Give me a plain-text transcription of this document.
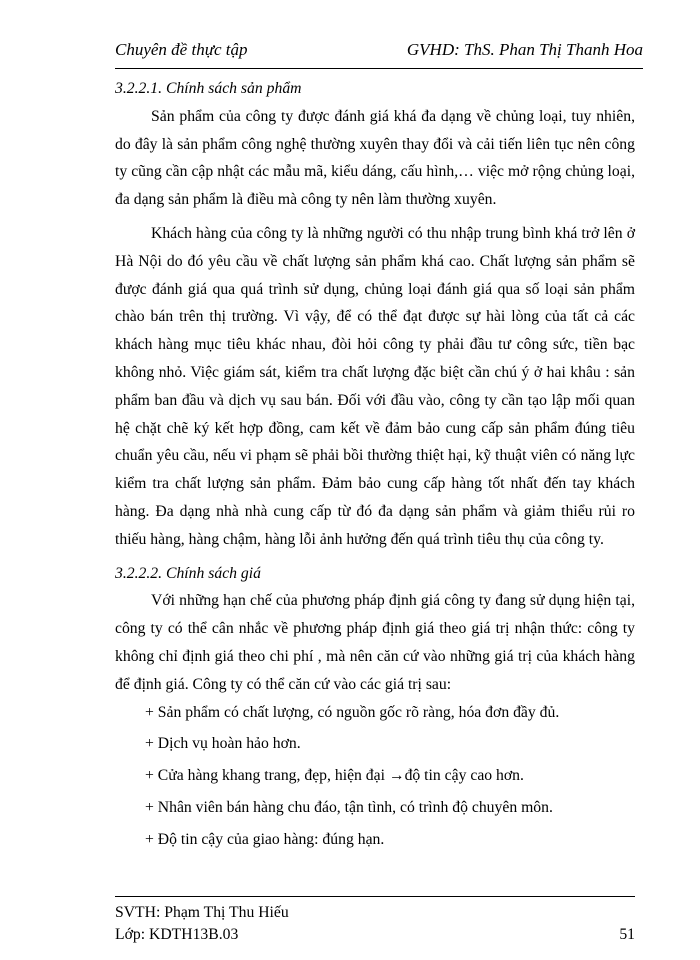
Chuyên đề thực tập	GVHD: ThS. Phan Thị Thanh Hoa

3.2.2.1. Chính sách sản phẩm

Sản phẩm của công ty được đánh giá khá đa dạng về chủng loại, tuy nhiên, do đây là sản phẩm công nghệ thường xuyên thay đổi và cải tiến liên tục nên công ty cũng cần cập nhật các mẫu mã, kiểu dáng, cấu hình,… việc mở rộng chủng loại, đa dạng sản phẩm là điều mà công ty nên làm thường xuyên.

Khách hàng của công ty là những người có thu nhập trung bình khá trở lên ở Hà Nội do đó yêu cầu về chất lượng sản phẩm khá cao. Chất lượng sản phẩm sẽ được đánh giá qua quá trình sử dụng, chủng loại đánh giá qua số loại sản phẩm chào bán trên thị trường. Vì vậy, để có thể đạt được sự hài lòng của tất cả các khách hàng mục tiêu khác nhau, đòi hỏi công ty phải đầu tư công sức, tiền bạc không nhỏ. Việc giám sát, kiểm tra chất lượng đặc biệt cần chú ý ở hai khâu : sản phẩm ban đầu và dịch vụ sau bán. Đối với đầu vào, công ty cần tạo lập mối quan hệ chặt chẽ ký kết hợp đồng, cam kết về đảm bảo cung cấp sản phẩm đúng tiêu chuẩn yêu cầu, nếu vi phạm sẽ phải bồi thường thiệt hại, kỹ thuật viên có năng lực kiểm tra chất lượng sản phẩm. Đảm bảo cung cấp hàng tốt nhất đến tay khách hàng. Đa dạng nhà nhà cung cấp từ đó đa dạng sản phẩm và giảm thiểu rủi ro thiếu hàng, hàng chậm, hàng lỗi ảnh hưởng đến quá trình tiêu thụ của công ty.

3.2.2.2. Chính sách giá

Với những hạn chế của phương pháp định giá công ty đang sử dụng hiện tại, công ty có thể cân nhắc về phương pháp định giá theo giá trị nhận thức: công ty không chỉ định giá theo chi phí , mà nên căn cứ vào những giá trị của khách hàng để định giá. Công ty có thể căn cứ vào các giá trị sau:

+ Sản phẩm có chất lượng, có nguồn gốc rõ ràng, hóa đơn đầy đủ.
+ Dịch vụ hoàn hảo hơn.
+ Cửa hàng khang trang, đẹp, hiện đại →độ tin cậy cao hơn.
+ Nhân viên bán hàng chu đáo, tận tình, có trình độ chuyên môn.
+ Độ tin cậy của giao hàng: đúng hạn.
SVTH: Phạm Thị Thu Hiếu
Lớp: KDTH13B.03	51
